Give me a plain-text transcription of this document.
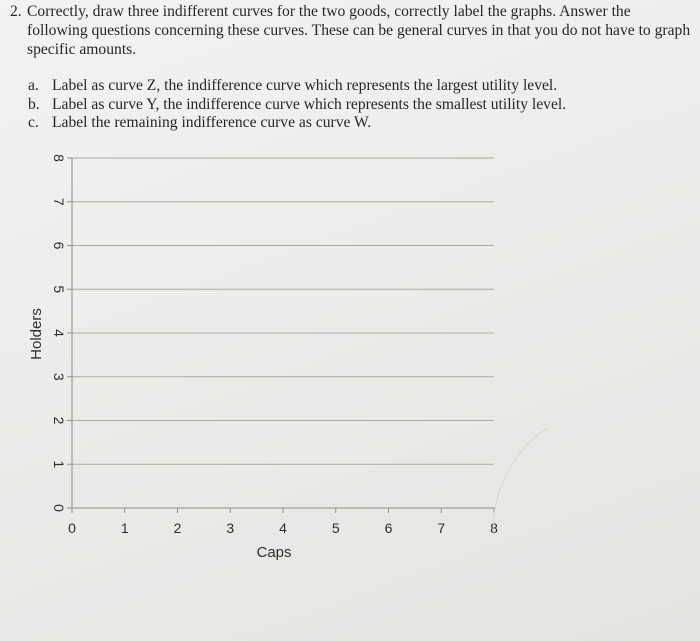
2. Correctly, draw three indifferent curves for the two goods, correctly label the graphs. Answer the following questions concerning these curves. These can be general curves in that you do not have to graph specific amounts.
a. Label as curve Z, the indifference curve which represents the largest utility level.
b. Label as curve Y, the indifference curve which represents the smallest utility level.
c. Label the remaining indifference curve as curve W.
0
1
2
3
4
5
6
7
8
0	1	2	3	4	5	6	7	8
Caps
Holders
